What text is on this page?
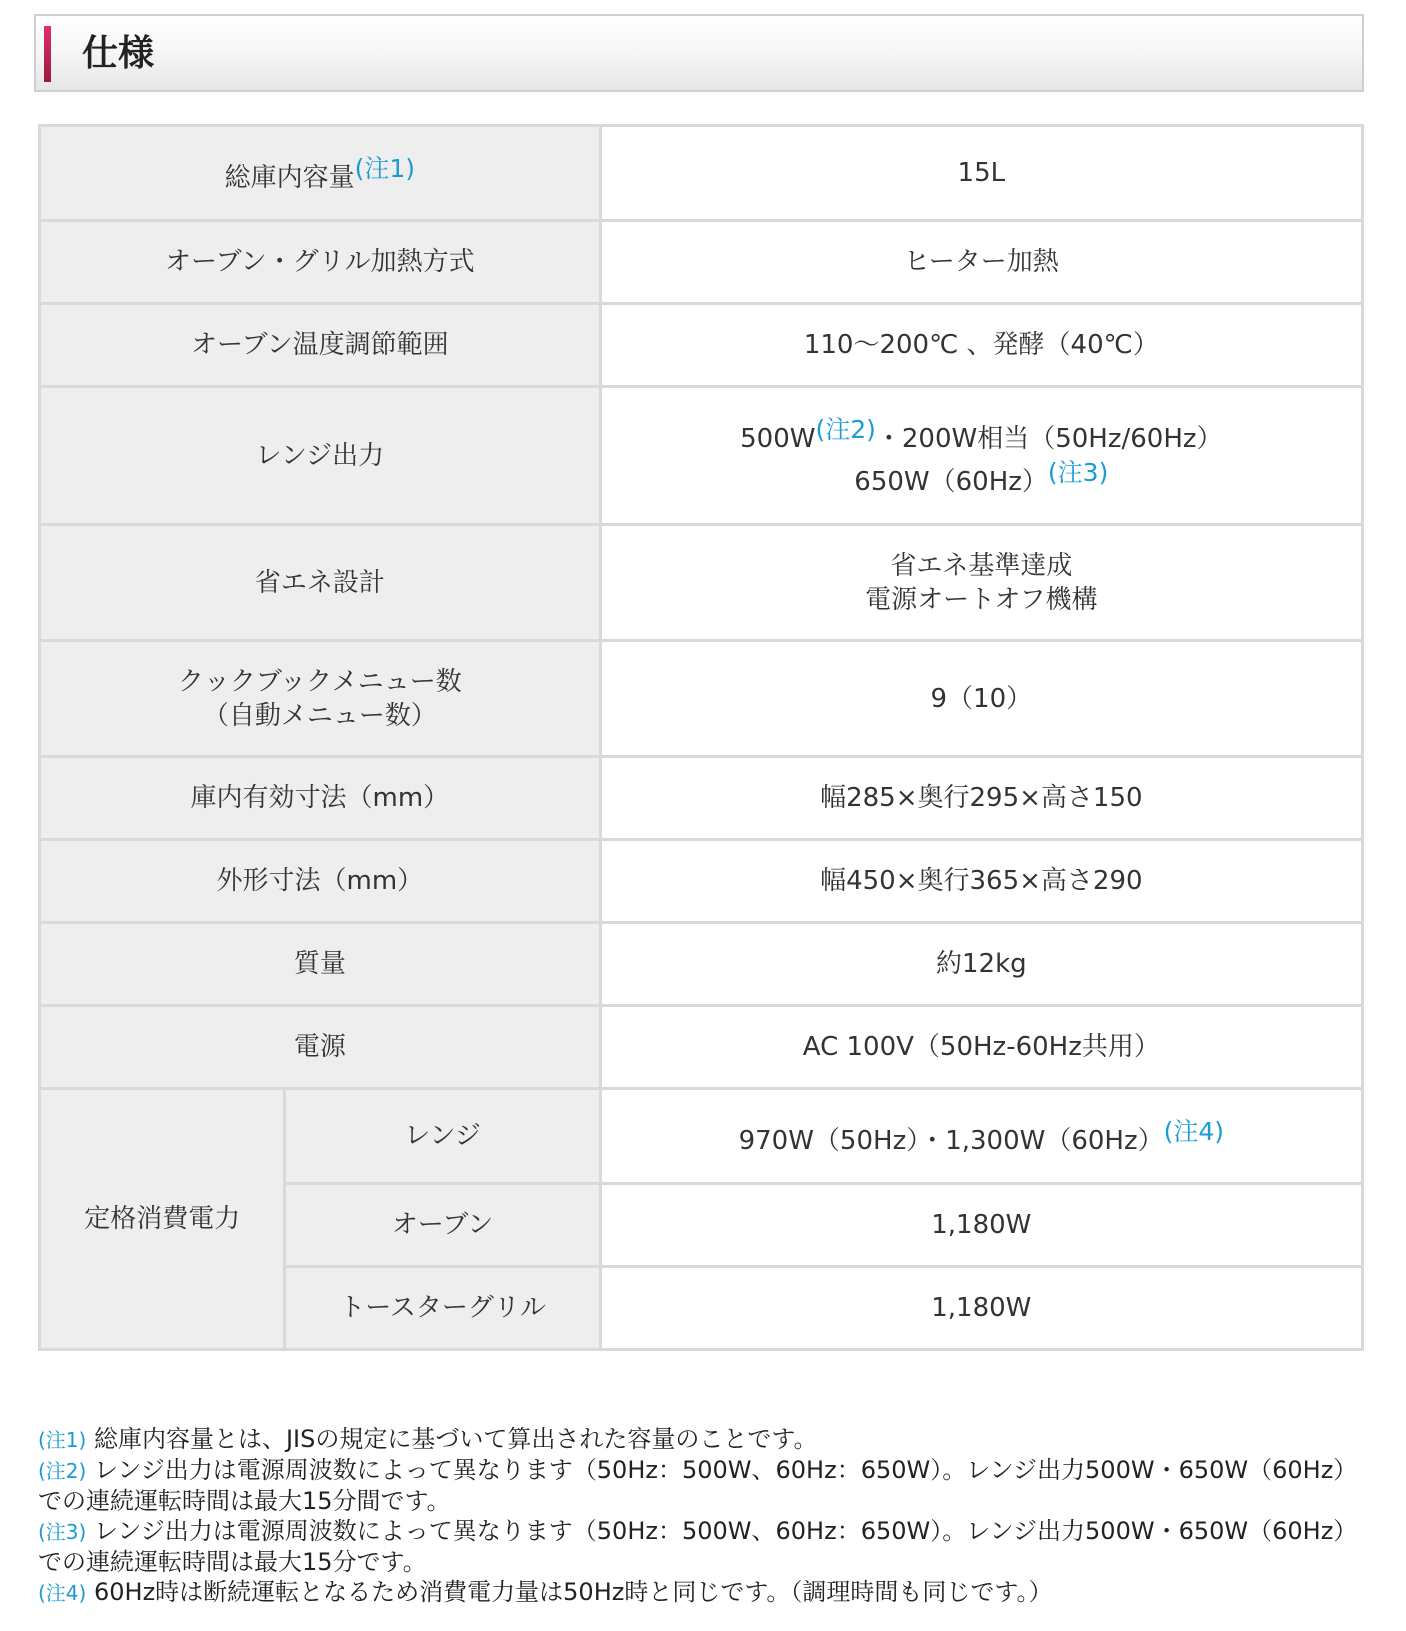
仕様
総庫内容量(注1)		15L
オーブン・グリル加熱方式		ヒーター加熱
オーブン温度調節範囲		110〜200℃ 、発酵（40℃）
レンジ出力		500W(注2)・200W相当（50Hz/60Hz）
650W（60Hz）(注3)

省エネ設計		省エネ基準達成
電源オートオフ機構

クックブックメニュー数
（自動メニュー数）		9（10）
庫内有効寸法（mm）		幅285×奥行295×高さ150
外形寸法（mm）		幅450×奥行365×高さ290
質量		約12kg
電源		AC 100V（50Hz-60Hz共用）
定格消費電力	レンジ	970W（50Hz）・1,300W（60Hz）(注4)
	オーブン	1,180W
	トースターグリル	1,180W

(注1) 総庫内容量とは、JISの規定に基づいて算出された容量のことです。

(注2) レンジ出力は電源周波数によって異なります（50Hz：500W、60Hz：650W）。レンジ出力500W・650W（60Hz）での連続運転時間は最大15分間です。

(注3) レンジ出力は電源周波数によって異なります（50Hz：500W、60Hz：650W）。レンジ出力500W・650W（60Hz）での連続運転時間は最大15分です。

(注4) 60Hz時は断続運転となるため消費電力量は50Hz時と同じです。（調理時間も同じです。）
